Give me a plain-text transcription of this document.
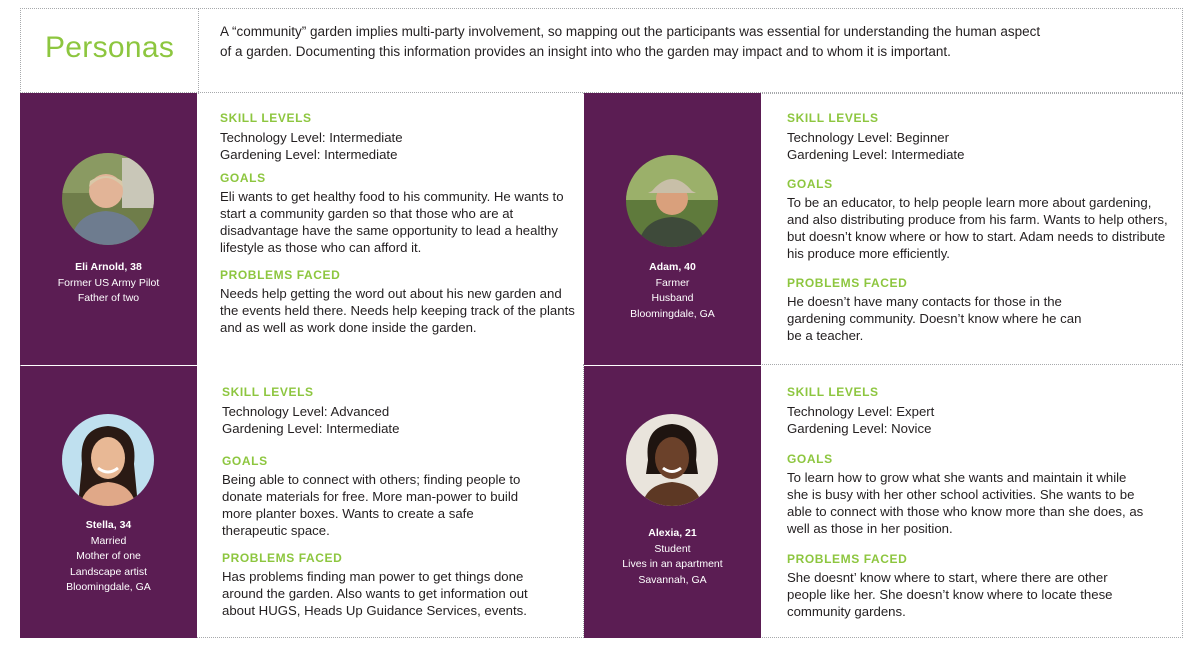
Personas	A “community” garden implies multi-party involvement, so mapping out the participants was essential for understanding the human aspect of a garden. Documenting this information provides an insight into who the garden may impact and to whom it is important.
Eli Arnold, 38
Former US Army Pilot
Father of two

SKILL LEVELS

Technology Level: Intermediate

Gardening Level: Intermediate

GOALS

Eli wants to get healthy food to his community. He wants to start a community garden so that those who are at disadvantage have the same opportunity to lead a healthy lifestyle as those who can afford it.

PROBLEMS FACED

Needs help getting the word out about his new garden and the events held there. Needs help keeping track of the plants and as well as work done inside the garden.

Adam, 40
Farmer
Husband
Bloomingdale, GA

SKILL LEVELS

Technology Level: Beginner

Gardening Level: Intermediate

GOALS

To be an educator, to help people learn more about gardening, and also distributing produce from his farm. Wants to help others, but doesn’t know where or how to start. Adam needs to distribute his produce more efficiently.

PROBLEMS FACED

He doesn’t have many contacts for those in the gardening community. Doesn’t know where he can be a teacher.

Stella, 34
Married
Mother of one
Landscape artist
Bloomingdale, GA

SKILL LEVELS

Technology Level: Advanced

Gardening Level: Intermediate

GOALS

Being able to connect with others; finding people to donate materials for free. More man-power to build more planter boxes. Wants to create a safe therapeutic space.

PROBLEMS FACED

Has problems finding man power to get things done around the garden. Also wants to get information out about HUGS, Heads Up Guidance Services, events.

Alexia, 21
Student
Lives in an apartment
Savannah, GA

SKILL LEVELS

Technology Level: Expert

Gardening Level: Novice

GOALS

To learn how to grow what she wants and maintain it while she is busy with her other school activities. She wants to be able to connect with those who know more than she does, as well as those in her position.

PROBLEMS FACED

She doesnt’ know where to start, where there are other people like her. She doesn’t know where to locate these community gardens.
